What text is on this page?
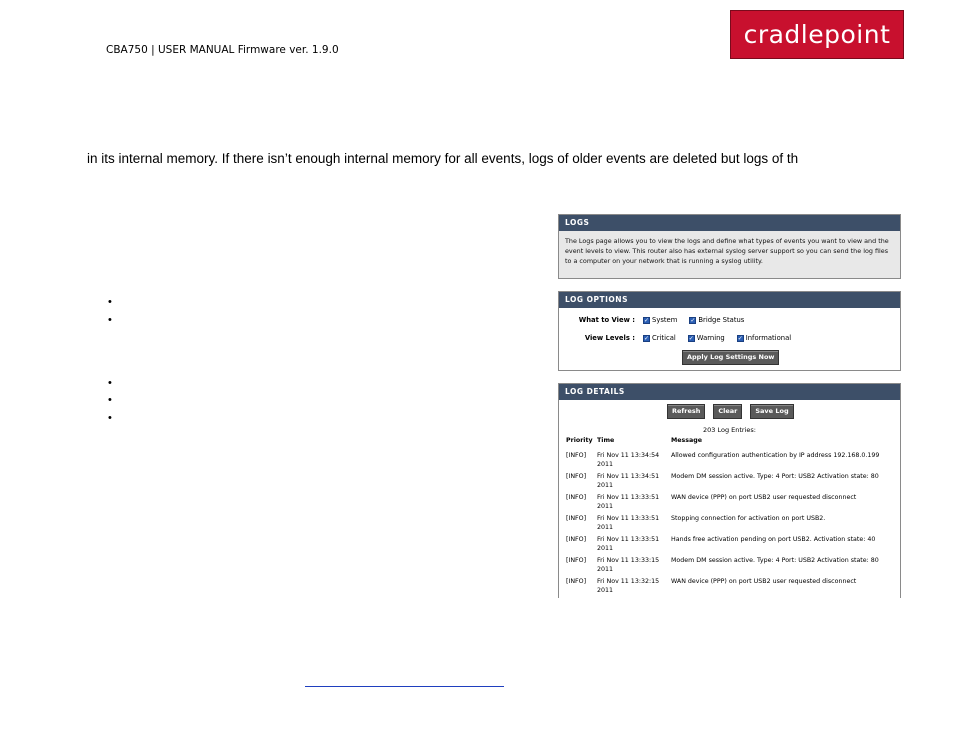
CBA750 | USER MANUAL Firmware ver. 1.9.0
cradlepoint
in its internal memory. If there isn’t enough internal memory for all events, logs of older events are deleted but logs of th
•
•
•
•
•
LOGS
The Logs page allows you to view the logs and define what types of events you want to view and the event levels to view. This router also has external syslog server support so you can send the log files to a computer on your network that is running a syslog utility.
LOG OPTIONS
What to View : ✓ System ✓ Bridge Status
View Levels : ✓ Critical ✓ Warning ✓ Informational
Apply Log Settings Now
LOG DETAILS
Refresh	Clear	Save Log
203 Log Entries:
Priority	Time	Message
[INFO]	Fri Nov 11 13:34:54 2011	Allowed configuration authentication by IP address 192.168.0.199
[INFO]	Fri Nov 11 13:34:51 2011	Modem DM session active. Type: 4 Port: USB2 Activation state: 80
[INFO]	Fri Nov 11 13:33:51 2011	WAN device (PPP) on port USB2 user requested disconnect
[INFO]	Fri Nov 11 13:33:51 2011	Stopping connection for activation on port USB2.
[INFO]	Fri Nov 11 13:33:51 2011	Hands free activation pending on port USB2. Activation state: 40
[INFO]	Fri Nov 11 13:33:15 2011	Modem DM session active. Type: 4 Port: USB2 Activation state: 80
[INFO]	Fri Nov 11 13:32:15 2011	WAN device (PPP) on port USB2 user requested disconnect
